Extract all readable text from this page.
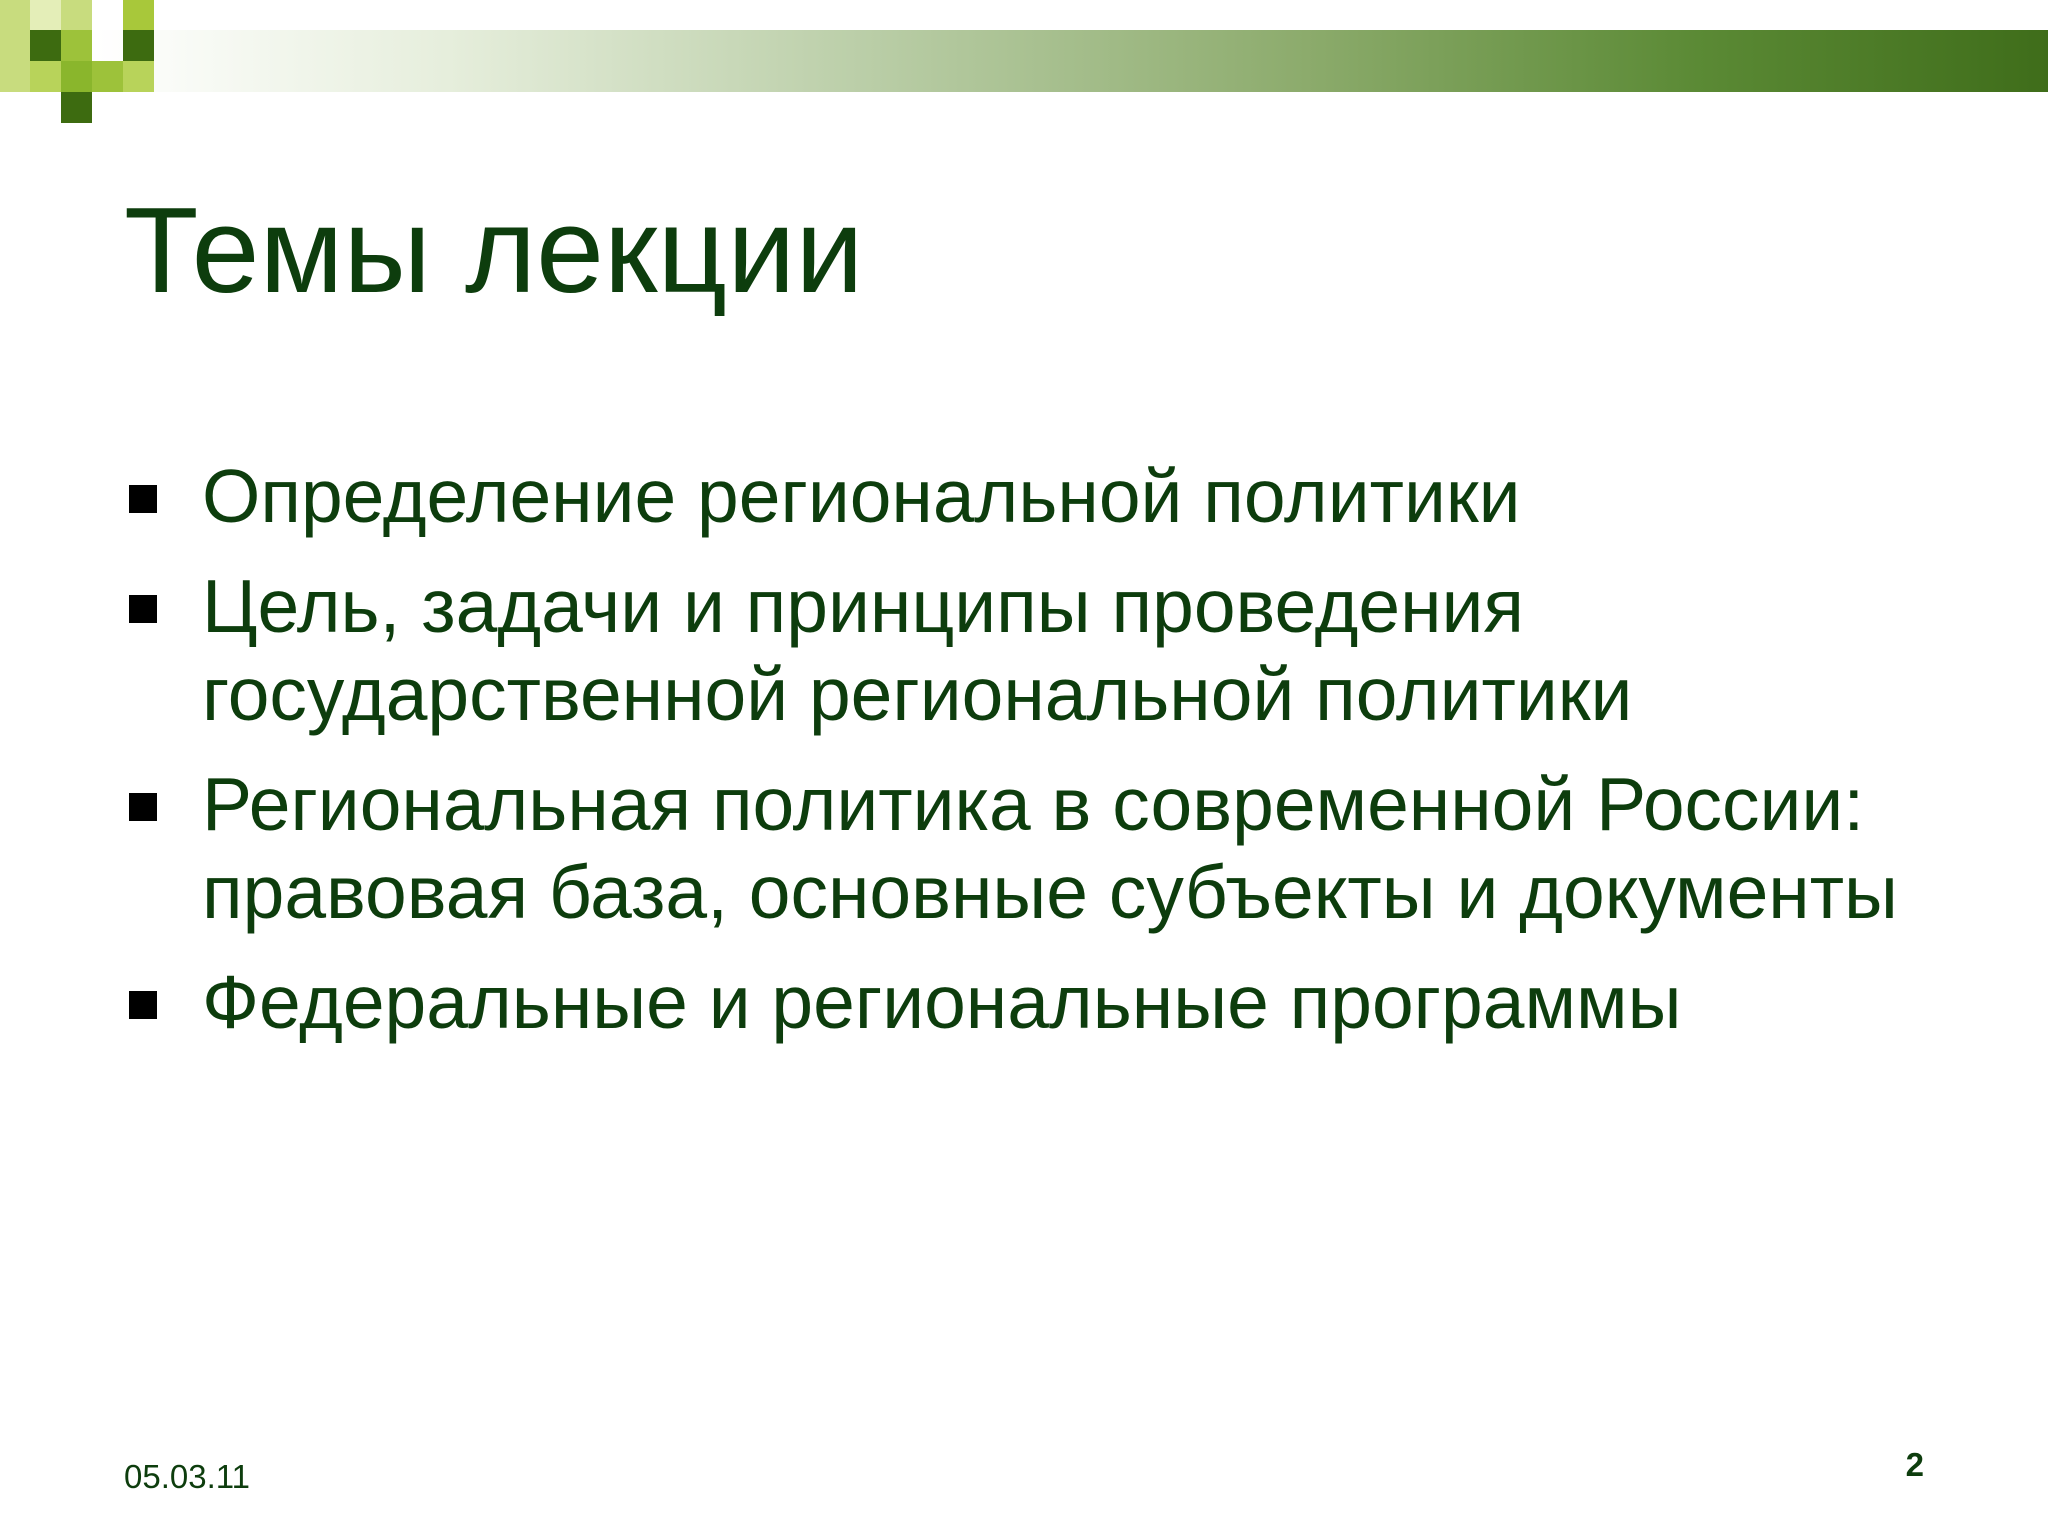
Темы лекции
Определение региональной политики
Цель, задачи и принципы проведения государственной региональной политики
Региональная политика в современной России: правовая база, основные субъекты и документы
Федеральные и региональные программы
05.03.11	2
